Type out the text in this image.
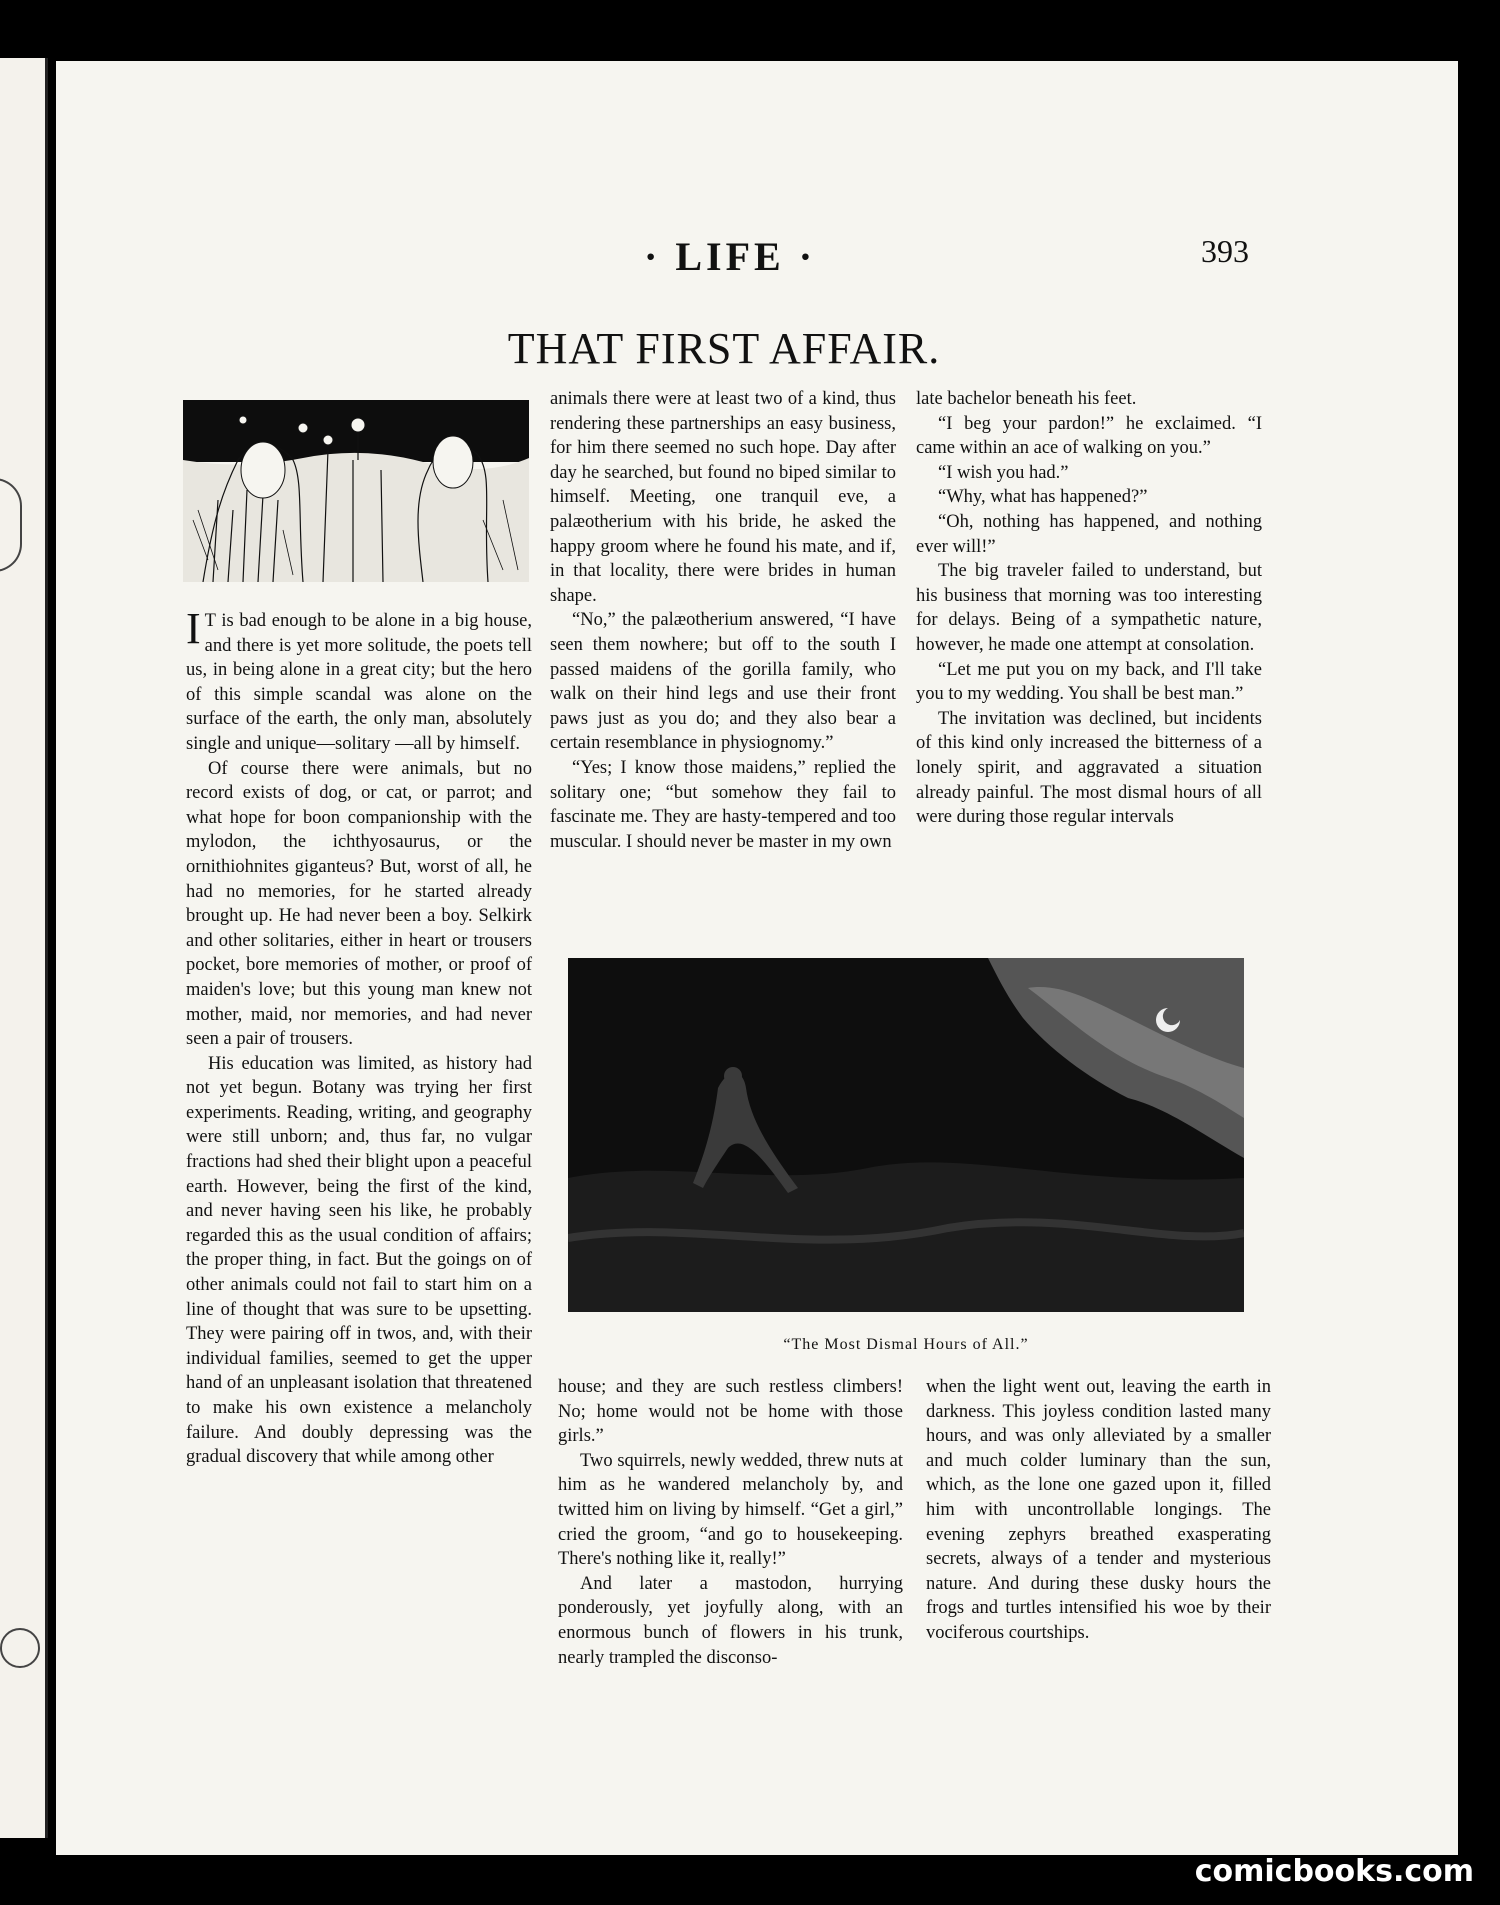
· LIFE ·	393
THAT FIRST AFFAIR.

I T is bad enough to be alone in a big house, and there is yet more solitude, the poets tell us, in being alone in a great city; but the hero of this simple scandal was alone on the surface of the earth, the only man, absolutely single and unique—solitary —all by himself.

Of course there were animals, but no record exists of dog, or cat, or parrot; and what hope for boon companionship with the mylodon, the ichthyosaurus, or the ornithiohnites giganteus? But, worst of all, he had no memories, for he started already brought up. He had never been a boy. Selkirk and other solitaries, either in heart or trousers pocket, bore memories of mother, or proof of maiden's love; but this young man knew not mother, maid, nor memories, and had never seen a pair of trousers.

His education was limited, as history had not yet begun. Botany was trying her first experiments. Reading, writing, and geography were still unborn; and, thus far, no vulgar fractions had shed their blight upon a peaceful earth. However, being the first of the kind, and never having seen his like, he probably regarded this as the usual condition of affairs; the proper thing, in fact. But the goings on of other animals could not fail to start him on a line of thought that was sure to be upsetting. They were pairing off in twos, and, with their individual families, seemed to get the upper hand of an unpleasant isolation that threatened to make his own existence a melancholy failure. And doubly depressing was the gradual discovery that while among other

animals there were at least two of a kind, thus rendering these partnerships an easy business, for him there seemed no such hope. Day after day he searched, but found no biped similar to himself. Meeting, one tranquil eve, a palæotherium with his bride, he asked the happy groom where he found his mate, and if, in that locality, there were brides in human shape.

“No,” the palæotherium answered, “I have seen them nowhere; but off to the south I passed maidens of the gorilla family, who walk on their hind legs and use their front paws just as you do; and they also bear a certain resemblance in physiognomy.”

“Yes; I know those maidens,” replied the solitary one; “but somehow they fail to fascinate me. They are hasty-tempered and too muscular. I should never be master in my own

late bachelor beneath his feet.

“I beg your pardon!” he exclaimed. “I came within an ace of walking on you.”

“I wish you had.”

“Why, what has happened?”

“Oh, nothing has happened, and nothing ever will!”

The big traveler failed to understand, but his business that morning was too interesting for delays. Being of a sympathetic nature, however, he made one attempt at consolation.

“Let me put you on my back, and I'll take you to my wedding. You shall be best man.”

The invitation was declined, but incidents of this kind only increased the bitterness of a lonely spirit, and aggravated a situation already painful. The most dismal hours of all were during those regular intervals

“The Most Dismal Hours of All.”

house; and they are such restless climbers! No; home would not be home with those girls.”

Two squirrels, newly wedded, threw nuts at him as he wandered melancholy by, and twitted him on living by himself. “Get a girl,” cried the groom, “and go to housekeeping. There's nothing like it, really!”

And later a mastodon, hurrying ponderously, yet joyfully along, with an enormous bunch of flowers in his trunk, nearly trampled the disconso-

when the light went out, leaving the earth in darkness. This joyless condition lasted many hours, and was only alleviated by a smaller and much colder luminary than the sun, which, as the lone one gazed upon it, filled him with uncontrollable longings. The evening zephyrs breathed exasperating secrets, always of a tender and mysterious nature. And during these dusky hours the frogs and turtles intensified his woe by their vociferous courtships.

comicbooks.com
